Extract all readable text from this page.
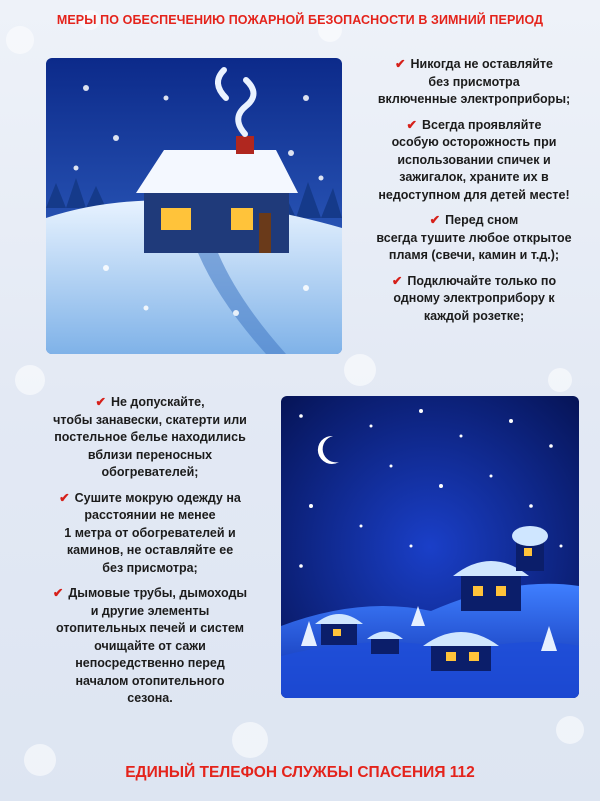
МЕРЫ ПО ОБЕСПЕЧЕНИЮ ПОЖАРНОЙ БЕЗОПАСНОСТИ В ЗИМНИЙ ПЕРИОД
✔ Никогда не оставляйте
без присмотра
включенные электроприборы;
✔ Всегда проявляйте
особую осторожность при
использовании спичек и
зажигалок, храните их в
недоступном для детей месте!
✔ Перед сном
всегда тушите любое открытое
пламя (свечи, камин и т.д.);
✔ Подключайте только по
одному электроприбору к
каждой розетке;
✔ Не допускайте,
чтобы занавески, скатерти или
постельное белье находились
вблизи переносных
обогревателей;
✔ Сушите мокрую одежду на
расстоянии не менее
1 метра от обогревателей и
каминов, не оставляйте ее
без присмотра;
✔ Дымовые трубы, дымоходы
и другие элементы
отопительных печей и систем
очищайте от сажи
непосредственно перед
началом отопительного
сезона.
ЕДИНЫЙ ТЕЛЕФОН СЛУЖБЫ СПАСЕНИЯ 112
